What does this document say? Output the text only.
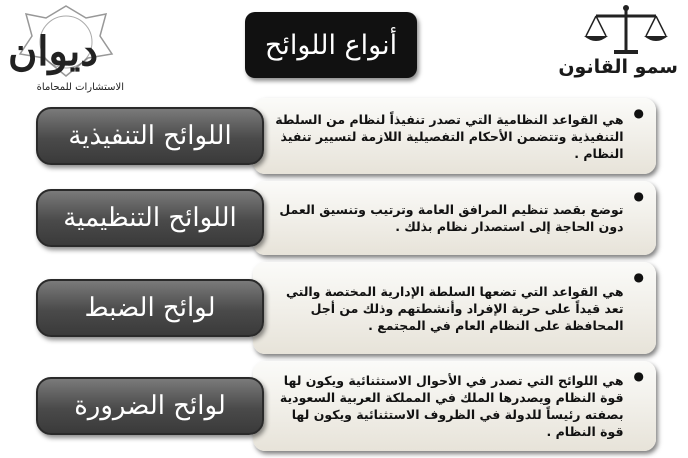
ديوان
الاستشارات للمحاماة
أنواع اللوائح
سمو القانون
●
هي القواعد النظامية التي تصدر تنفيذاً لنظام من السلطة التنفيذية وتتضمن الأحكام التفصيلية اللازمة لتسيير تنفيذ النظام .
اللوائح التنفيذية
●
توضع بقصد تنظيم المرافق العامة وترتيب وتنسيق العمل دون الحاجة إلى استصدار نظام بذلك .
اللوائح التنظيمية
●
هي القواعد التي تضعها السلطة الإدارية المختصة والتي تعد قيداً على حرية الإفراد وأنشطتهم وذلك من أجل المحافظة على النظام العام في المجتمع .
لوائح الضبط
●
هي اللوائح التي تصدر في الأحوال الاستثنائية ويكون لها قوة النظام ويصدرها الملك في المملكة العربية السعودية بصفته رئيساً للدولة في الظروف الاستثنائية ويكون لها قوة النظام .
لوائح الضرورة
